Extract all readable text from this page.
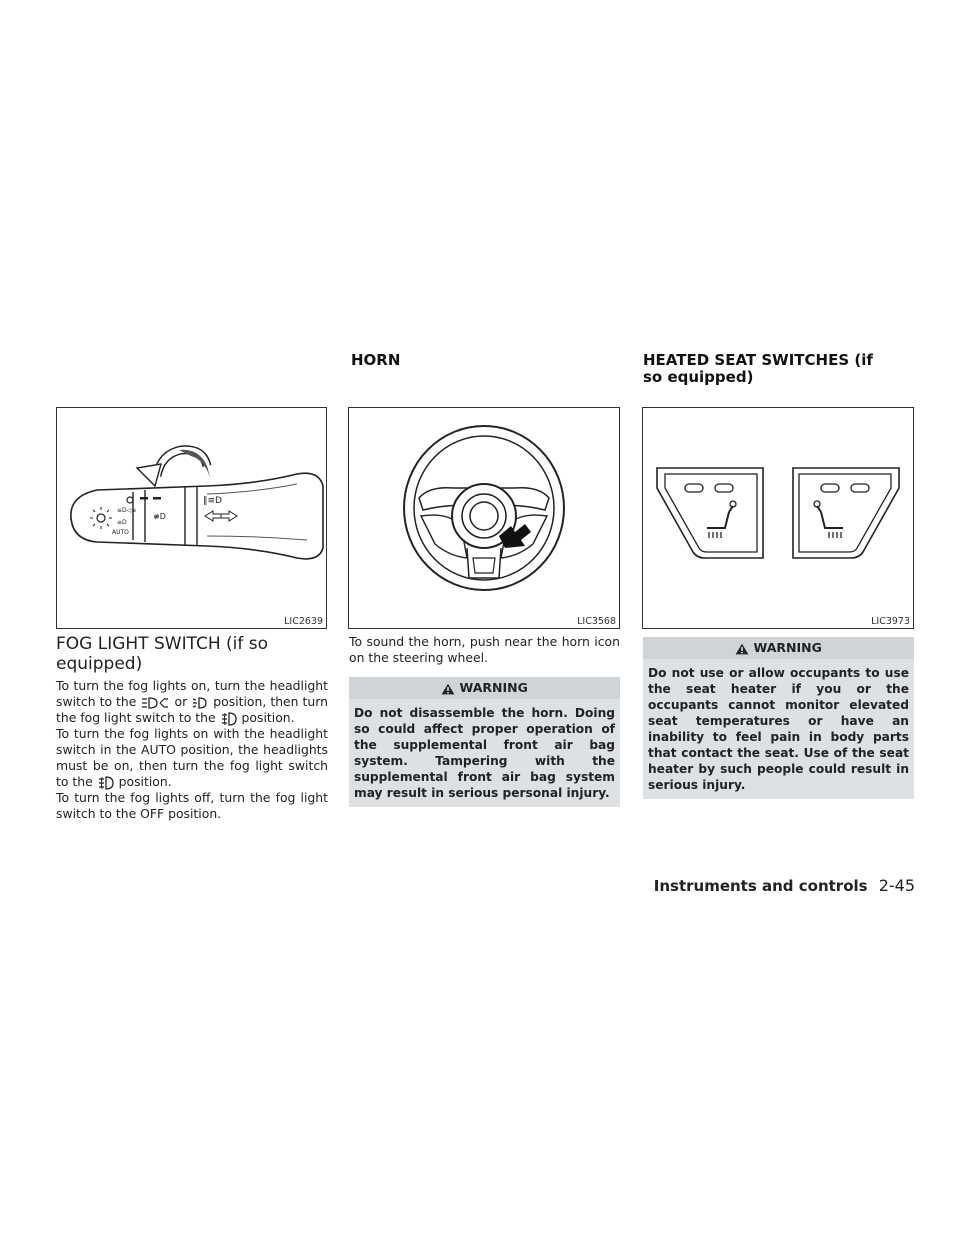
HORN	HEATED SEAT SWITCHES (if so equipped)
≡D◁≡
≡D
AUTO
≢D
‖≡D
LIC2639	LIC3568	LIC3973
FOG LIGHT SWITCH (if so equipped)
To turn the fog lights on, turn the headlight switch to the	or position, then turn the fog light switch to the position.
To turn the fog lights on with the headlight switch in the AUTO position, the headlights must be on, then turn the fog light switch to the position.
To turn the fog lights off, turn the fog light switch to the OFF position.
To sound the horn, push near the horn icon on the steering wheel.
WARNING
Do not disassemble the horn. Doing so could affect proper operation of the supplemental front air bag system. Tampering with the supplemental front air bag system may result in serious personal injury.
WARNING
Do not use or allow occupants to use the seat heater if you or the occupants cannot monitor elevated seat temperatures or have an inability to feel pain in body parts that contact the seat. Use of the seat heater by such people could result in serious injury.
Instruments and controls 2-45
